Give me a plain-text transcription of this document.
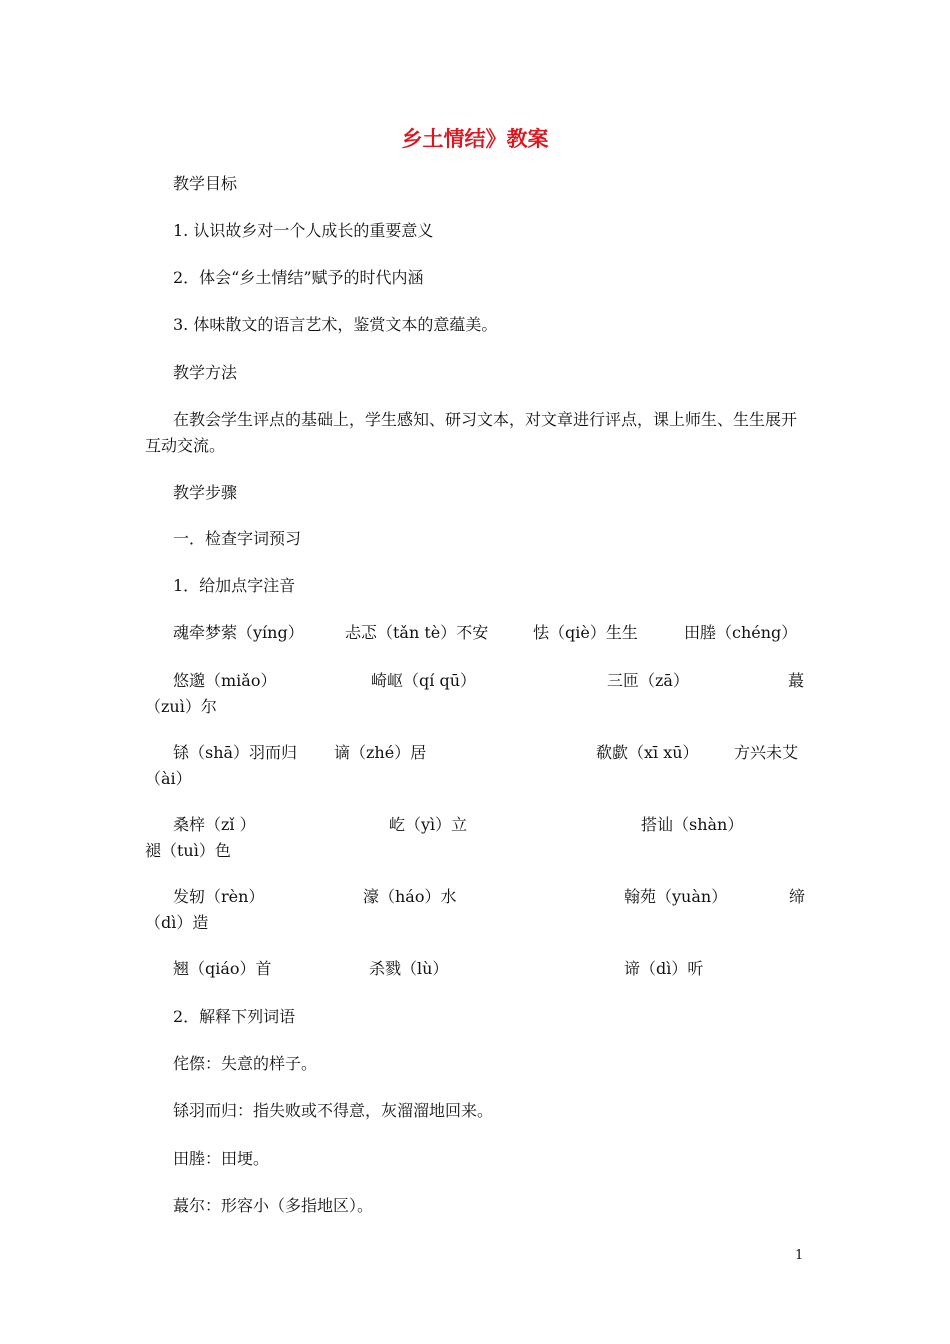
乡土情结》教案
教学目标
1. 认识故乡对一个人成长的重要意义
2．体会“乡土情结”赋予的时代内涵
3. 体味散文的语言艺术，鉴赏文本的意蕴美。
教学方法
在教会学生评点的基础上，学生感知、研习文本，对文章进行评点，课上师生、生生展开互动交流。
教学步骤
一．检查字词预习
1．给加点字注音
魂牵梦萦（yíng）	忐忑（tǎn tè）不安	怯（qiè）生生	田塍（chéng）
悠邈（miǎo）	崎岖（qí qū）	三匝（zā）	蕞
（zuì）尔
铩（shā）羽而归 谪（zhé）居	欷歔（xī xū） 方兴未艾
（ài）
桑梓（zǐ ）	屹（yì）立	搭讪（shàn）
褪（tuì）色
发轫（rèn）	濠（háo）水	翰苑（yuàn）	缔
（dì）造
翘（qiáo）首	杀戮（lù）	谛（dì）听
2．解释下列词语
侘傺：失意的样子。
铩羽而归：指失败或不得意，灰溜溜地回来。
田塍：田埂。
蕞尔：形容小（多指地区）。
1
